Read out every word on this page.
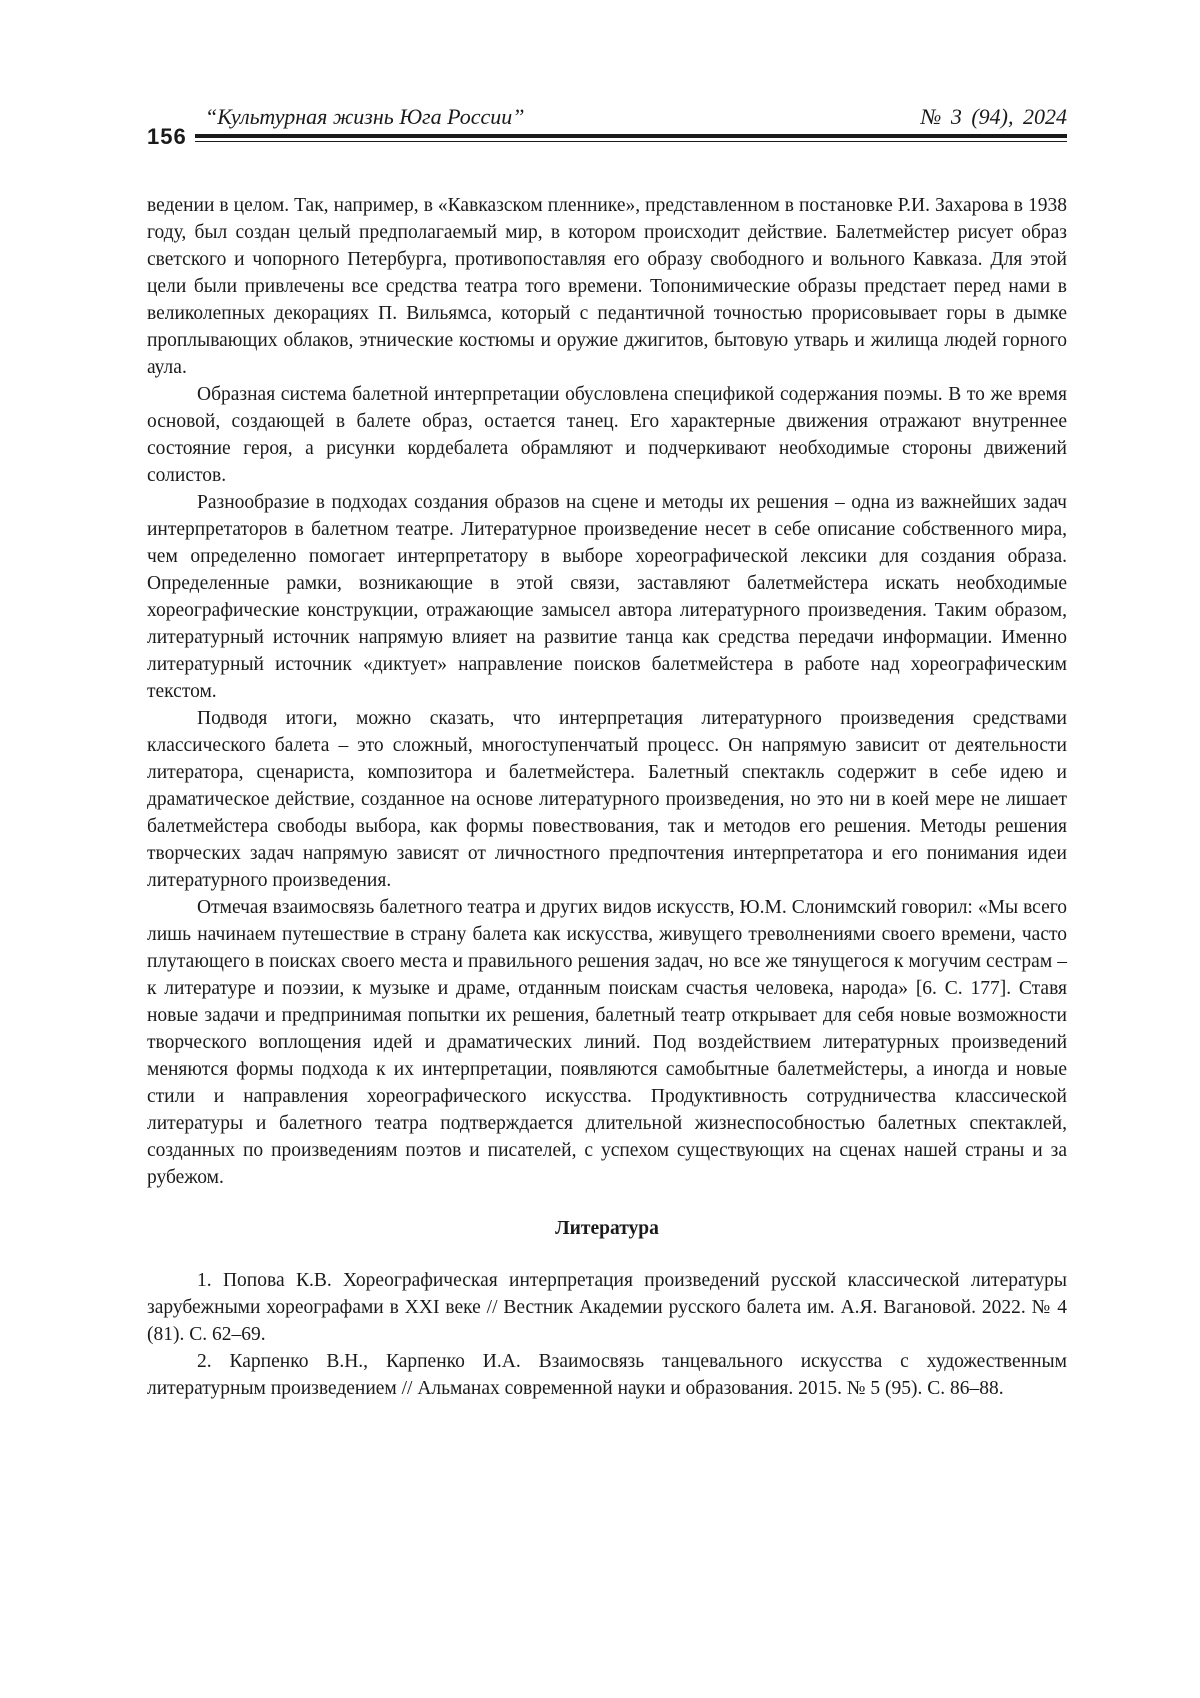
156
“Культурная жизнь Юга России”	№ 3 (94), 2024

ведении в целом. Так, например, в «Кавказском пленнике», представленном в постановке Р.И. Захарова в 1938 году, был создан целый предполагаемый мир, в котором происходит действие. Балетмейстер рисует образ светского и чопорного Петербурга, противопоставляя его образу свободного и вольного Кавказа. Для этой цели были привлечены все средства театра того времени. Топонимические образы предстает перед нами в великолепных декорациях П. Вильямса, который с педантичной точностью прорисовывает горы в дымке проплывающих облаков, этнические костюмы и оружие джигитов, бытовую утварь и жилища людей горного аула.

Образная система балетной интерпретации обусловлена спецификой содержания поэмы. В то же время основой, создающей в балете образ, остается танец. Его характерные движения отражают внутреннее состояние героя, а рисунки кордебалета обрамляют и подчеркивают необходимые стороны движений солистов.

Разнообразие в подходах создания образов на сцене и методы их решения – одна из важнейших задач интерпретаторов в балетном театре. Литературное произведение несет в себе описание собственного мира, чем определенно помогает интерпретатору в выборе хореографической лексики для создания образа. Определенные рамки, возникающие в этой связи, заставляют балетмейстера искать необходимые хореографические конструкции, отражающие замысел автора литературного произведения. Таким образом, литературный источник напрямую влияет на развитие танца как средства передачи информации. Именно литературный источник «диктует» направление поисков балетмейстера в работе над хореографическим текстом.

Подводя итоги, можно сказать, что интерпретация литературного произведения средствами классического балета – это сложный, многоступенчатый процесс. Он напрямую зависит от деятельности литератора, сценариста, композитора и балетмейстера. Балетный спектакль содержит в себе идею и драматическое действие, созданное на основе литературного произведения, но это ни в коей мере не лишает балетмейстера свободы выбора, как формы повествования, так и методов его решения. Методы решения творческих задач напрямую зависят от личностного предпочтения интерпретатора и его понимания идеи литературного произведения.

Отмечая взаимосвязь балетного театра и других видов искусств, Ю.М. Слонимский говорил: «Мы всего лишь начинаем путешествие в страну балета как искусства, живущего треволнениями своего времени, часто плутающего в поисках своего места и правильного решения задач, но все же тянущегося к могучим сестрам – к литературе и поэзии, к музыке и драме, отданным поискам счастья человека, народа» [6. С. 177]. Ставя новые задачи и предпринимая попытки их решения, балетный театр открывает для себя новые возможности творческого воплощения идей и драматических линий. Под воздействием литературных произведений меняются формы подхода к их интерпретации, появляются самобытные балетмейстеры, а иногда и новые стили и направления хореографического искусства. Продуктивность сотрудничества классической литературы и балетного театра подтверждается длительной жизнеспособностью балетных спектаклей, созданных по произведениям поэтов и писателей, с успехом существующих на сценах нашей страны и за рубежом.

Литература

1. Попова К.В. Хореографическая интерпретация произведений русской классической литературы зарубежными хореографами в XXI веке // Вестник Академии русского балета им. А.Я. Вагановой. 2022. № 4 (81). С. 62–69.

2. Карпенко В.Н., Карпенко И.А. Взаимосвязь танцевального искусства с художественным литературным произведением // Альманах современной науки и образования. 2015. № 5 (95). С. 86–88.
